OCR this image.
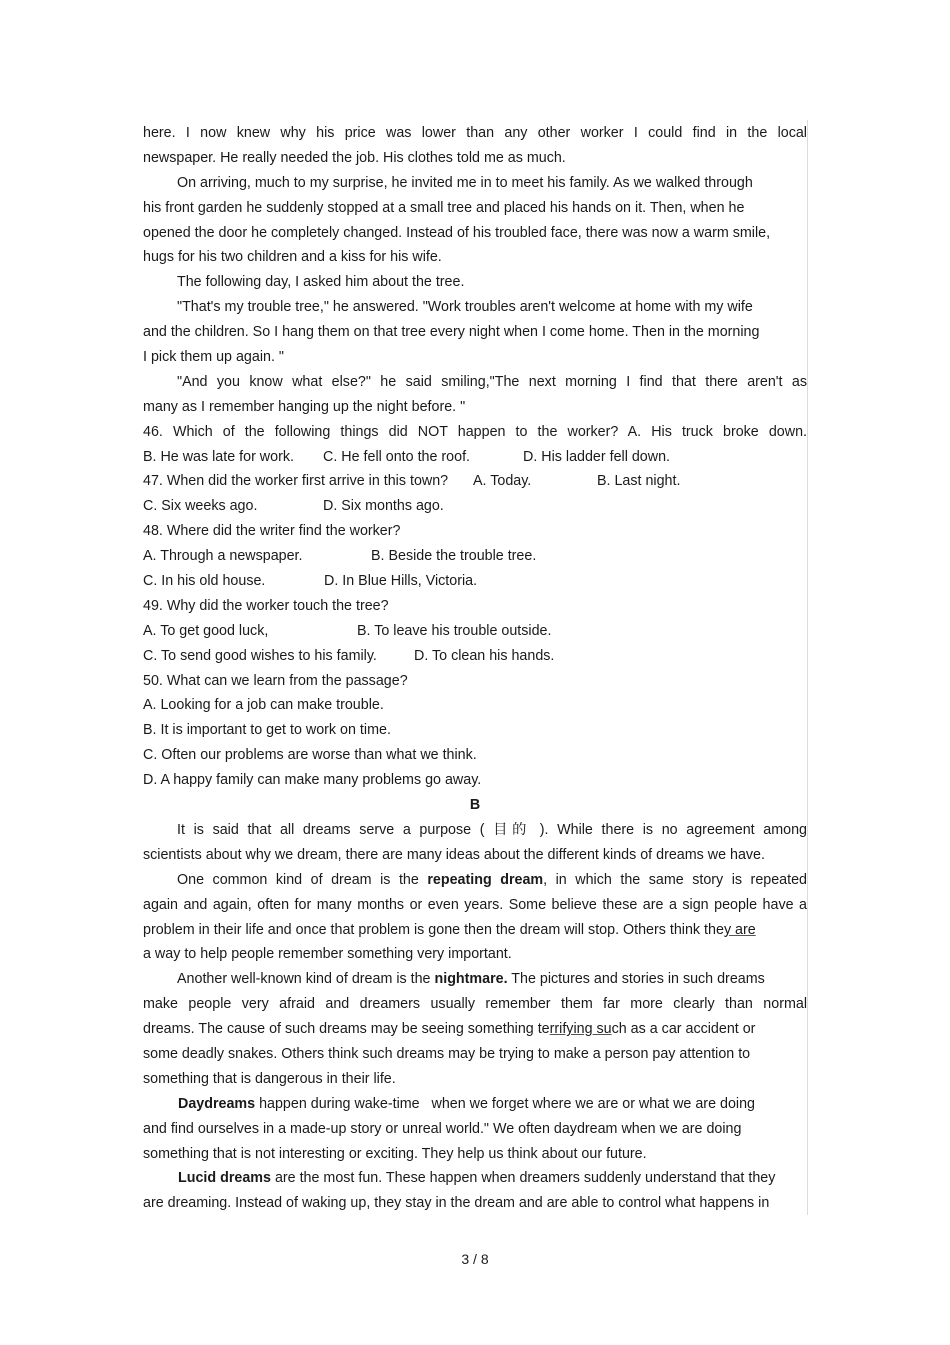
here. I now knew why his price was lower than any other worker I could find in the local
newspaper. He really needed the job. His clothes told me as much.
On arriving, much to my surprise, he invited me in to meet his family. As we walked through
his front garden he suddenly stopped at a small tree and placed his hands on it. Then, when he
opened the door he completely changed. Instead of his troubled face, there was now a warm smile,
hugs for his two children and a kiss for his wife.
The following day, I asked him about the tree.
"That's my trouble tree," he answered. "Work troubles aren't welcome at home with my wife
and the children. So I hang them on that tree every night when I come home. Then in the morning
I pick them up again. "
"And you know what else?" he said smiling,"The next morning I find that there aren't as
many as I remember hanging up the night before. "
46. Which of the following things did NOT happen to the worker? A. His truck broke down.
B. He was late for work. C. He fell onto the roof.	D. His ladder fell down.
47. When did the worker first arrive in this town? A. Today.	B. Last night.
C. Six weeks ago.	D. Six months ago.
48. Where did the writer find the worker?
A. Through a newspaper.	B. Beside the trouble tree.
C. In his old house.	D. In Blue Hills, Victoria.
49. Why did the worker touch the tree?
A. To get good luck,	B. To leave his trouble outside.
C. To send good wishes to his family.	D. To clean his hands.
50. What can we learn from the passage?
A. Looking for a job can make trouble.
B. It is important to get to work on time.
C. Often our problems are worse than what we think.
D. A happy family can make many problems go away.
B
It is said that all dreams serve a purpose ( 目的 ). While there is no agreement among
scientists about why we dream, there are many ideas about the different kinds of dreams we have.
One common kind of dream is the repeating dream, in which the same story is repeated
again and again, often for many months or even years. Some believe these are a sign people have a
problem in their life and once that problem is gone then the dream will stop. Others think they are
a way to help people remember something very important.
Another well-known kind of dream is the nightmare. The pictures and stories in such dreams
make people very afraid and dreamers usually remember them far more clearly than normal
dreams. The cause of such dreams may be seeing something terrifying such as a car accident or
some deadly snakes. Others think such dreams may be trying to make a person pay attention to
something that is dangerous in their life.
Daydreams happen during wake-time   when we forget where we are or what we are doing
and find ourselves in a made-up story or unreal world." We often daydream when we are doing
something that is not interesting or exciting. They help us think about our future.
Lucid dreams are the most fun. These happen when dreamers suddenly understand that they
are dreaming. Instead of waking up, they stay in the dream and are able to control what happens in
3 / 8
